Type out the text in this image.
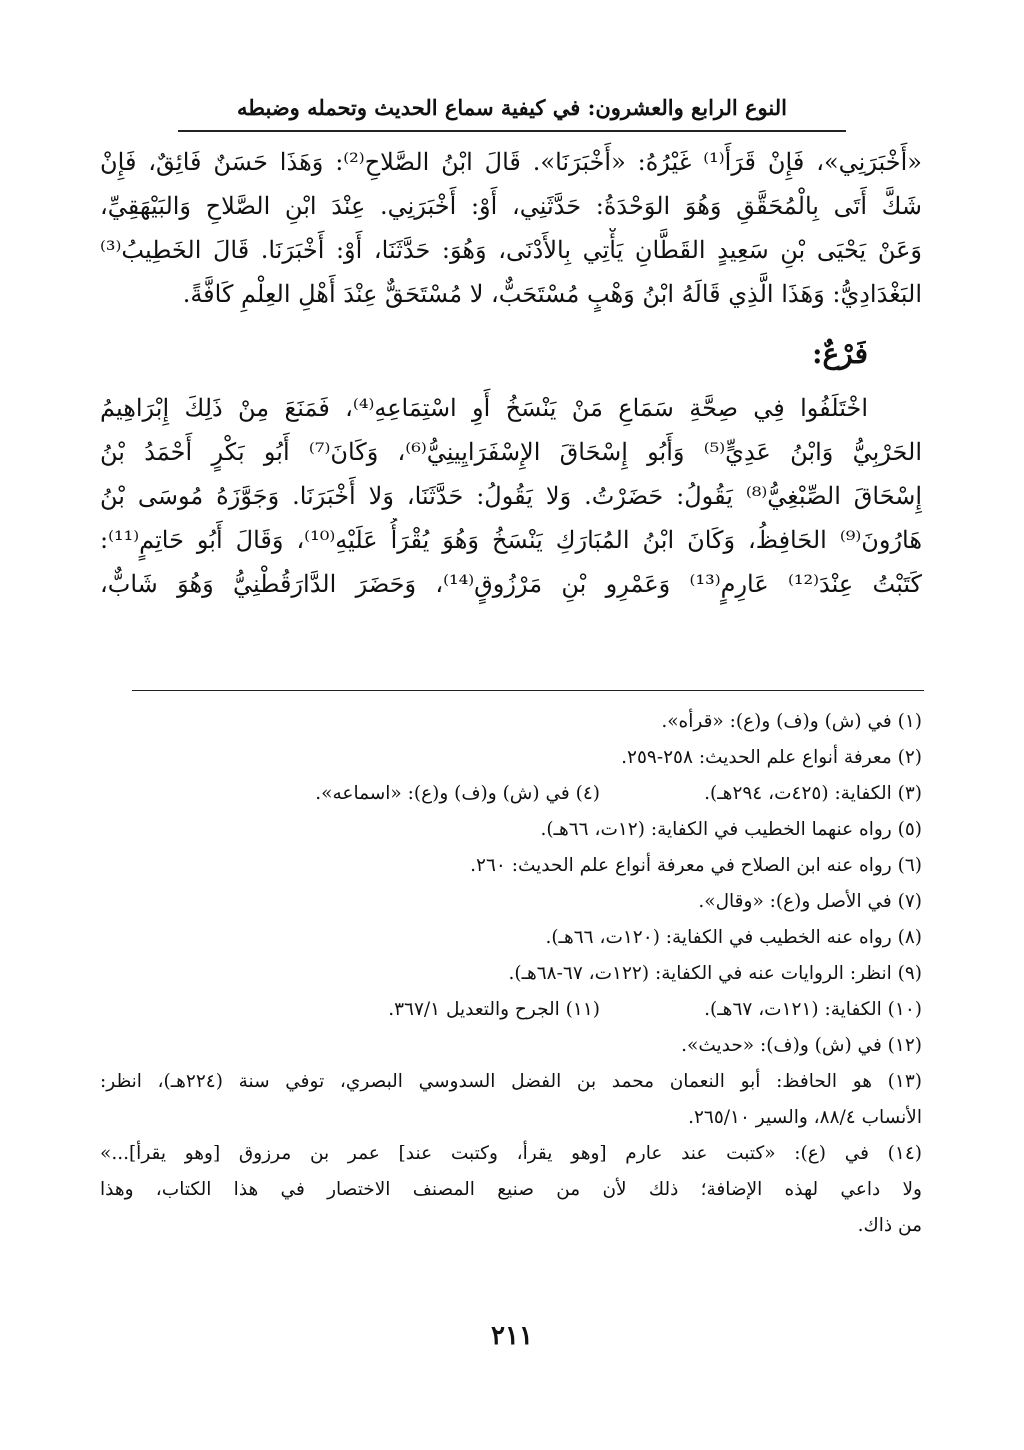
النوع الرابع والعشرون: في كيفية سماع الحديث وتحمله وضبطه
«أَخْبَرَنِي»، فَإِنْ قَرَأَ⁽¹⁾ غَيْرُهُ: «أَخْبَرَنَا». قَالَ ابْنُ الصَّلاحِ⁽²⁾: وَهَذَا حَسَنٌ فَائِقٌ، فَإِنْ
شَكَّ أَتَى بِالْمُحَقَّقِ وَهُوَ الوَحْدَةُ: حَدَّثَنِي، أَوْ: أَخْبَرَنِي. عِنْدَ ابْنِ الصَّلاحِ وَالبَيْهَقِيِّ،
وَعَنْ يَحْيَى بْنِ سَعِيدٍ القَطَّانِ يَأْتِي بِالأَدْنَى، وَهُوَ: حَدَّثَنَا، أَوْ: أَخْبَرَنَا. قَالَ الخَطِيبُ⁽³⁾
البَغْدَادِيُّ: وَهَذَا الَّذِي قَالَهُ ابْنُ وَهْبٍ مُسْتَحَبٌّ، لا مُسْتَحَقٌّ عِنْدَ أَهْلِ العِلْمِ كَافَّةً.
فَرْعٌ:
اخْتَلَفُوا فِي صِحَّةِ سَمَاعِ مَنْ يَنْسَخُ أَوِ اسْتِمَاعِهِ⁽⁴⁾، فَمَنَعَ مِنْ ذَلِكَ إِبْرَاهِيمُ
الحَرْبِيُّ وَابْنُ عَدِيٍّ⁽⁵⁾ وَأَبُو إِسْحَاقَ الإِسْفَرَايِينِيُّ⁽⁶⁾، وَكَانَ⁽⁷⁾ أَبُو بَكْرٍ أَحْمَدُ بْنُ
إِسْحَاقَ الصِّبْغِيُّ⁽⁸⁾ يَقُولُ: حَضَرْتُ. وَلا يَقُولُ: حَدَّثَنَا، وَلا أَخْبَرَنَا. وَجَوَّزَهُ مُوسَى بْنُ
هَارُونَ⁽⁹⁾ الحَافِظُ، وَكَانَ ابْنُ المُبَارَكِ يَنْسَخُ وَهُوَ يُقْرَأُ عَلَيْهِ⁽¹⁰⁾، وَقَالَ أَبُو حَاتِمٍ⁽¹¹⁾:
كَتَبْتُ عِنْدَ⁽¹²⁾ عَارِمٍ⁽¹³⁾ وَعَمْرِو بْنِ مَرْزُوقٍ⁽¹⁴⁾، وَحَضَرَ الدَّارَقُطْنِيُّ وَهُوَ شَابٌّ،
(١) في (ش) و(ف) و(ع): «قرأه».
(٢) معرفة أنواع علم الحديث: ٢٥٨-٢٥٩.
(٣) الكفاية: (٤٢٥ت، ٢٩٤هـ).
(٤) في (ش) و(ف) و(ع): «اسماعه».
(٥) رواه عنهما الخطيب في الكفاية: (١٢ت، ٦٦هـ).
(٦) رواه عنه ابن الصلاح في معرفة أنواع علم الحديث: ٢٦٠.
(٧) في الأصل و(ع): «وقال».
(٨) رواه عنه الخطيب في الكفاية: (١٢٠ت، ٦٦هـ).
(٩) انظر: الروايات عنه في الكفاية: (١٢٢ت، ٦٧-٦٨هـ).
(١٠) الكفاية: (١٢١ت، ٦٧هـ).
(١١) الجرح والتعديل ٣٦٧/١.
(١٢) في (ش) و(ف): «حديث».
(١٣) هو الحافظ: أبو النعمان محمد بن الفضل السدوسي البصري، توفي سنة (٢٢٤هـ)، انظر:
الأنساب ٨٨/٤، والسير ٢٦٥/١٠.
(١٤) في (ع): «كتبت عند عارم [وهو يقرأ، وكتبت عند] عمر بن مرزوق [وهو يقرأ]...»
ولا داعي لهذه الإضافة؛ ذلك لأن من صنيع المصنف الاختصار في هذا الكتاب، وهذا
من ذاك.
٢١١
